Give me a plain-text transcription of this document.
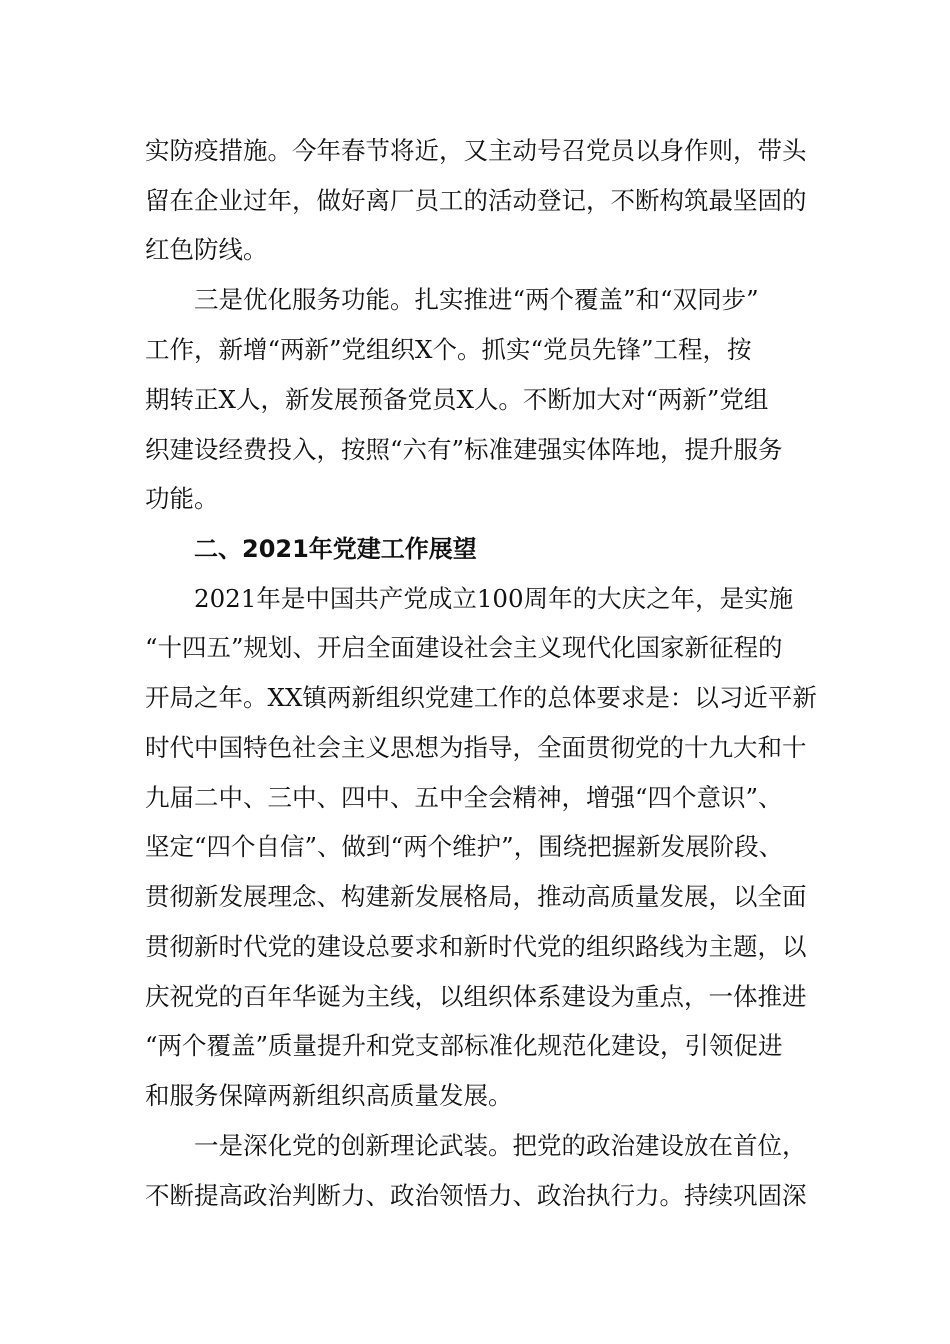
实防疫措施。今年春节将近，又主动号召党员以身作则，带头

留在企业过年，做好离厂员工的活动登记，不断构筑最坚固的

红色防线。

三是优化服务功能。扎实推进“两个覆盖”和“双同步”

工作，新增“两新”党组织X个。抓实“党员先锋”工程，按

期转正X人，新发展预备党员X人。不断加大对“两新”党组

织建设经费投入，按照“六有”标准建强实体阵地，提升服务

功能。

二、2021年党建工作展望

2021年是中国共产党成立100周年的大庆之年，是实施

“十四五”规划、开启全面建设社会主义现代化国家新征程的

开局之年。XX镇两新组织党建工作的总体要求是：以习近平新

时代中国特色社会主义思想为指导，全面贯彻党的十九大和十

九届二中、三中、四中、五中全会精神，增强“四个意识”、

坚定“四个自信”、做到“两个维护”，围绕把握新发展阶段、

贯彻新发展理念、构建新发展格局，推动高质量发展，以全面

贯彻新时代党的建设总要求和新时代党的组织路线为主题，以

庆祝党的百年华诞为主线，以组织体系建设为重点，一体推进

“两个覆盖”质量提升和党支部标准化规范化建设，引领促进

和服务保障两新组织高质量发展。

一是深化党的创新理论武装。把党的政治建设放在首位，

不断提高政治判断力、政治领悟力、政治执行力。持续巩固深
